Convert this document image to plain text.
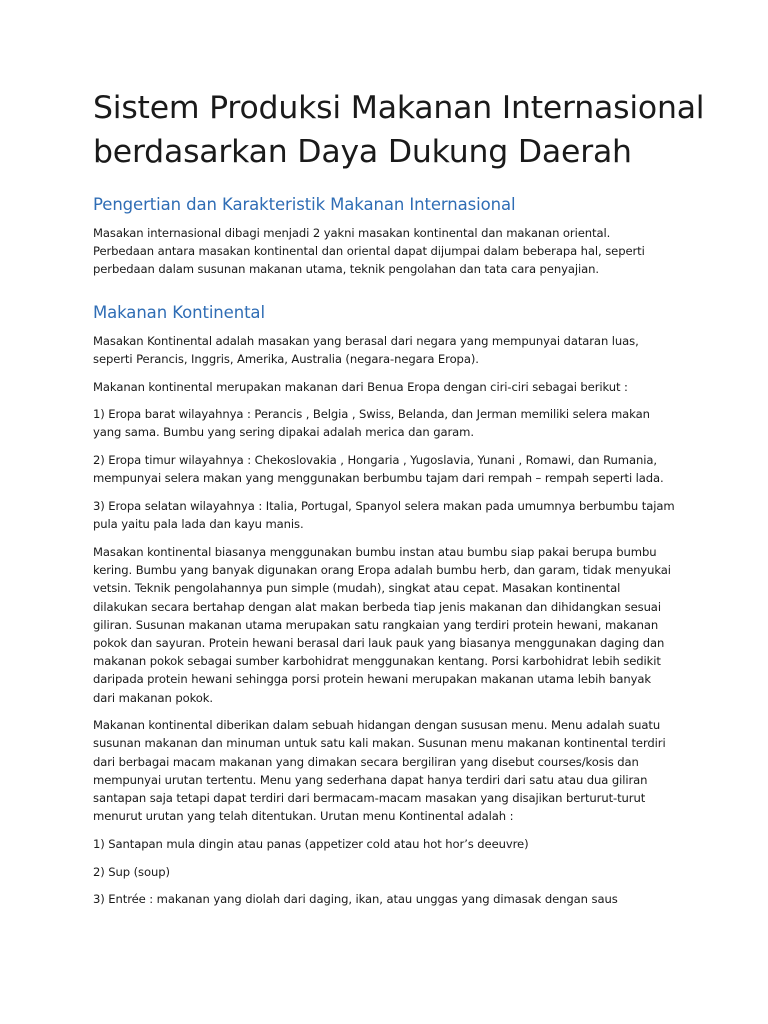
Sistem Produksi Makanan Internasional
berdasarkan Daya Dukung Daerah
Pengertian dan Karakteristik Makanan Internasional

Masakan internasional dibagi menjadi 2 yakni masakan kontinental dan makanan oriental.
Perbedaan antara masakan kontinental dan oriental dapat dijumpai dalam beberapa hal, seperti
perbedaan dalam susunan makanan utama, teknik pengolahan dan tata cara penyajian.

Makanan Kontinental

Masakan Kontinental adalah masakan yang berasal dari negara yang mempunyai dataran luas,
seperti Perancis, Inggris, Amerika, Australia (negara-negara Eropa).

Makanan kontinental merupakan makanan dari Benua Eropa dengan ciri-ciri sebagai berikut :

1) Eropa barat wilayahnya : Perancis , Belgia , Swiss, Belanda, dan Jerman memiliki selera makan
yang sama. Bumbu yang sering dipakai adalah merica dan garam.

2) Eropa timur wilayahnya : Chekoslovakia , Hongaria , Yugoslavia, Yunani , Romawi, dan Rumania,
mempunyai selera makan yang menggunakan berbumbu tajam dari rempah – rempah seperti lada.

3) Eropa selatan wilayahnya : Italia, Portugal, Spanyol selera makan pada umumnya berbumbu tajam
pula yaitu pala lada dan kayu manis.

Masakan kontinental biasanya menggunakan bumbu instan atau bumbu siap pakai berupa bumbu
kering. Bumbu yang banyak digunakan orang Eropa adalah bumbu herb, dan garam, tidak menyukai
vetsin. Teknik pengolahannya pun simple (mudah), singkat atau cepat. Masakan kontinental
dilakukan secara bertahap dengan alat makan berbeda tiap jenis makanan dan dihidangkan sesuai
giliran. Susunan makanan utama merupakan satu rangkaian yang terdiri protein hewani, makanan
pokok dan sayuran. Protein hewani berasal dari lauk pauk yang biasanya menggunakan daging dan
makanan pokok sebagai sumber karbohidrat menggunakan kentang. Porsi karbohidrat lebih sedikit
daripada protein hewani sehingga porsi protein hewani merupakan makanan utama lebih banyak
dari makanan pokok.

Makanan kontinental diberikan dalam sebuah hidangan dengan sususan menu. Menu adalah suatu
susunan makanan dan minuman untuk satu kali makan. Susunan menu makanan kontinental terdiri
dari berbagai macam makanan yang dimakan secara bergiliran yang disebut courses/kosis dan
mempunyai urutan tertentu. Menu yang sederhana dapat hanya terdiri dari satu atau dua giliran
santapan saja tetapi dapat terdiri dari bermacam-macam masakan yang disajikan berturut-turut
menurut urutan yang telah ditentukan. Urutan menu Kontinental adalah :

1) Santapan mula dingin atau panas (appetizer cold atau hot hor’s deeuvre)

2) Sup (soup)

3) Entrée : makanan yang diolah dari daging, ikan, atau unggas yang dimasak dengan saus
